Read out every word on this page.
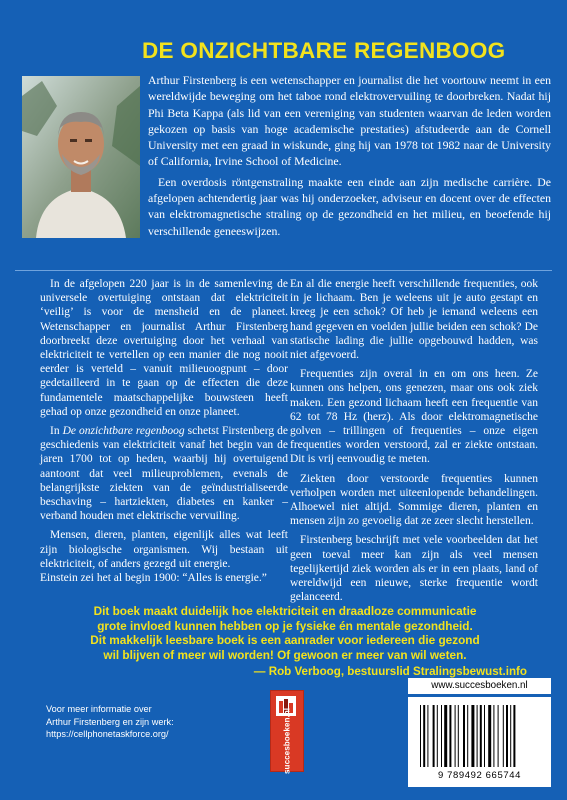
DE ONZICHTBARE REGENBOOG

Arthur Firstenberg is een wetenschapper en journalist die het voortouw neemt in een wereldwijde beweging om het taboe rond elektrovervuiling te doorbreken. Nadat hij Phi Beta Kappa (als lid van een vereniging van studenten waarvan de leden worden gekozen op basis van hoge academische prestaties) afstudeerde aan de Cornell University met een graad in wiskunde, ging hij van 1978 tot 1982 naar de University of California, Irvine School of Medicine.

Een overdosis röntgenstraling maakte een einde aan zijn medische carrière. De afgelopen achtendertig jaar was hij onderzoeker, adviseur en docent over de effecten van elektromagnetische straling op de gezondheid en het milieu, en beoefende hij verschillende geneeswijzen.

In de afgelopen 220 jaar is in de samenleving de universele overtuiging ontstaan dat elektriciteit ‘veilig’ is voor de mensheid en de planeet. Wetenschapper en journalist Arthur Firstenberg doorbreekt deze overtuiging door het verhaal van elektriciteit te vertellen op een manier die nog nooit eerder is verteld – vanuit milieuoogpunt – door gedetailleerd in te gaan op de effecten die deze fundamentele maatschappelijke bouwsteen heeft gehad op onze gezondheid en onze planeet.

In De onzichtbare regenboog schetst Firstenberg de geschiedenis van elektriciteit vanaf het begin van de jaren 1700 tot op heden, waarbij hij overtuigend aantoont dat veel milieuproblemen, evenals de belangrijkste ziekten van de geïndustrialiseerde beschaving – hartziekten, diabetes en kanker – verband houden met elektrische vervuiling.

Mensen, dieren, planten, eigenlijk alles wat leeft zijn biologische organismen. Wij bestaan uit elektriciteit, of anders gezegd uit energie.

Einstein zei het al begin 1900: “Alles is energie.”

En al die energie heeft verschillende frequenties, ook in je lichaam. Ben je weleens uit je auto gestapt en kreeg je een schok? Of heb je iemand weleens een hand gegeven en voelden jullie beiden een schok? De statische lading die jullie opgebouwd hadden, was niet afgevoerd.

Frequenties zijn overal in en om ons heen. Ze kunnen ons helpen, ons genezen, maar ons ook ziek maken. Een gezond lichaam heeft een frequentie van 62 tot 78 Hz (herz). Als door elektromagnetische golven – trillingen of frequenties – onze eigen frequenties worden verstoord, zal er ziekte ontstaan. Dit is vrij eenvoudig te meten.

Ziekten door verstoorde frequenties kunnen verholpen worden met uiteenlopende behandelingen. Alhoewel niet altijd. Sommige dieren, planten en mensen zijn zo gevoelig dat ze zeer slecht herstellen.

Firstenberg beschrijft met vele voorbeelden dat het geen toeval meer kan zijn als veel mensen tegelijkertijd ziek worden als er in een plaats, land of wereldwijd een nieuwe, sterke frequentie wordt gelanceerd.

Dit boek maakt duidelijk hoe elektriciteit en draadloze communicatie
grote invloed kunnen hebben op je fysieke én mentale gezondheid.
Dit makkelijk leesbare boek is een aanrader voor iedereen die gezond
wil blijven of meer wil worden! Of gewoon er meer van wil weten.
— Rob Verboog, bestuurslid Stralingsbewust.info
Voor meer informatie over
Arthur Firstenberg en zijn werk:
https://cellphonetaskforce.org/	succesboeken.nl
www.succesboeken.nl
9 789492 665744
